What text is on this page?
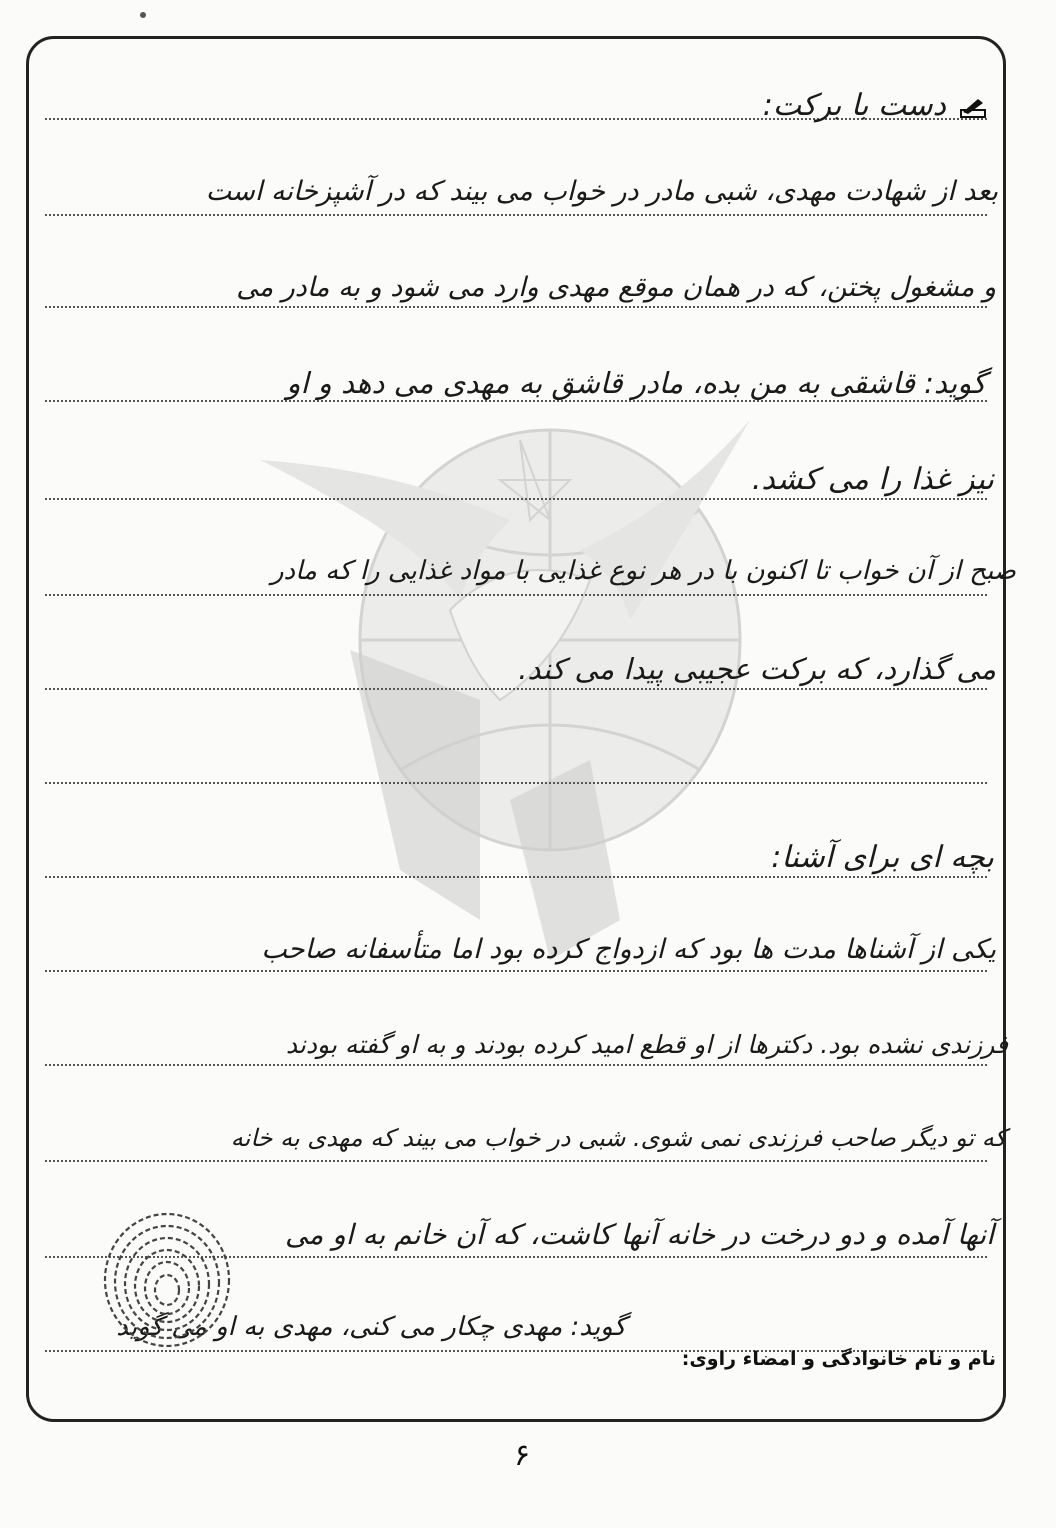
دست با برکت:
بعد از شهادت مهدی، شبی مادر در خواب می بیند که در آشپزخانه است
و مشغول پختن، که در همان موقع مهدی وارد می شود و به مادر می
گوید: قاشقی به من بده، مادر قاشق به مهدی می دهد و او
نیز غذا را می کشد.
صبح از آن خواب تا اکنون با در هر نوع غذایی با مواد غذایی را که مادر
می گذارد، که برکت عجیبی پیدا می کند.
بچه ای برای آشنا:
یکی از آشناها مدت ها بود که ازدواج کرده بود اما متأسفانه صاحب
فرزندی نشده بود. دکترها از او قطع امید کرده بودند و به او گفته بودند
که تو دیگر صاحب فرزندی نمی شوی. شبی در خواب می بیند که مهدی به خانه
آنها آمده و دو درخت در خانه آنها کاشت، که آن خانم به او می
گوید: مهدی چکار می کنی، مهدی به او می گوید
نام و نام خانوادگی و امضاء راوی:
۶
